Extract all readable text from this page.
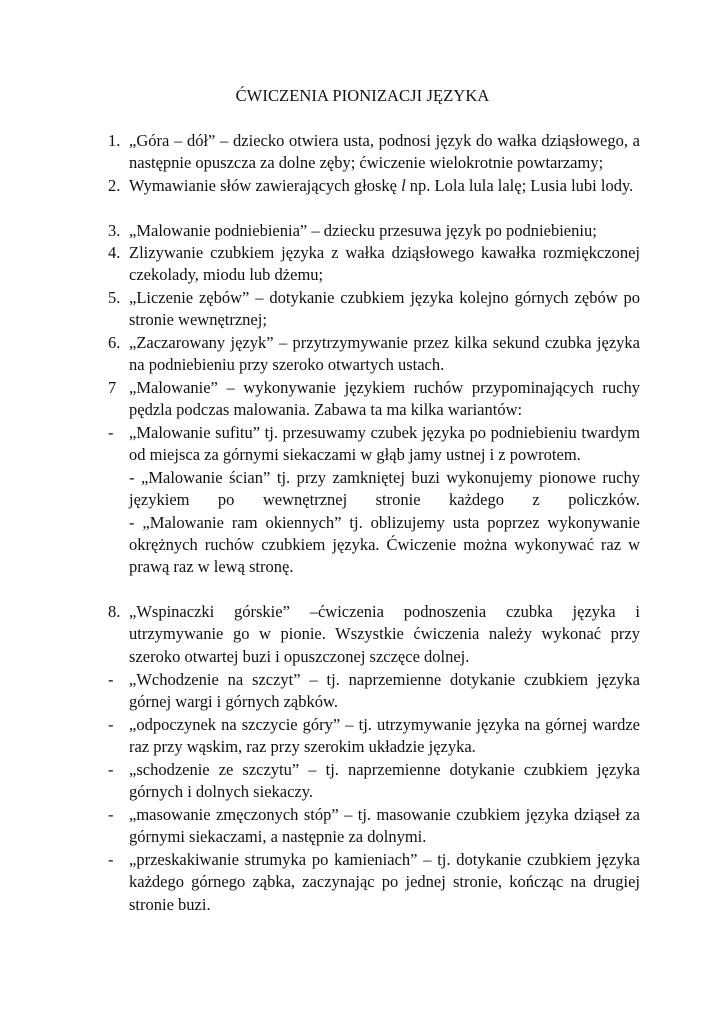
ĆWICZENIA PIONIZACJI JĘZYKA
1. „Góra – dół” – dziecko otwiera usta, podnosi język do wałka dziąsłowego, a następnie opuszcza za dolne zęby; ćwiczenie wielokrotnie powtarzamy;
2. Wymawianie słów zawierających głoskę l np. Lola lula lalę; Lusia lubi lody.
3. „Malowanie podniebienia” – dziecku przesuwa język po podniebieniu;
4. Zlizywanie czubkiem języka z wałka dziąsłowego kawałka rozmiękczonej czekolady, miodu lub dżemu;
5. „Liczenie zębów” – dotykanie czubkiem języka kolejno górnych zębów po stronie wewnętrznej;
6. „Zaczarowany język” – przytrzymywanie przez kilka sekund czubka języka na podniebieniu przy szeroko otwartych ustach.
7 „Malowanie” – wykonywanie językiem ruchów przypominających ruchy pędzla podczas malowania. Zabawa ta ma kilka wariantów:
- „Malowanie sufitu” tj. przesuwamy czubek języka po podniebieniu twardym od miejsca za górnymi siekaczami w głąb jamy ustnej i z powrotem.
- „Malowanie ścian” tj. przy zamkniętej buzi wykonujemy pionowe ruchy językiem po wewnętrznej stronie każdego z policzków.
- „Malowanie ram okiennych” tj. oblizujemy usta poprzez wykonywanie okrężnych ruchów czubkiem języka. Ćwiczenie można wykonywać raz w prawą raz w lewą stronę.
8. „Wspinaczki górskie” –ćwiczenia podnoszenia czubka języka i utrzymywanie go w pionie. Wszystkie ćwiczenia należy wykonać przy szeroko otwartej buzi i opuszczonej szczęce dolnej.
- „Wchodzenie na szczyt” – tj. naprzemienne dotykanie czubkiem języka górnej wargi i górnych ząbków.
- „odpoczynek na szczycie góry” – tj. utrzymywanie języka na górnej wardze raz przy wąskim, raz przy szerokim układzie języka.
- „schodzenie ze szczytu” – tj. naprzemienne dotykanie czubkiem języka górnych i dolnych siekaczy.
- „masowanie zmęczonych stóp” – tj. masowanie czubkiem języka dziąseł za górnymi siekaczami, a następnie za dolnymi.
- „przeskakiwanie strumyka po kamieniach” – tj. dotykanie czubkiem języka każdego górnego ząbka, zaczynając po jednej stronie, kończąc na drugiej stronie buzi.
